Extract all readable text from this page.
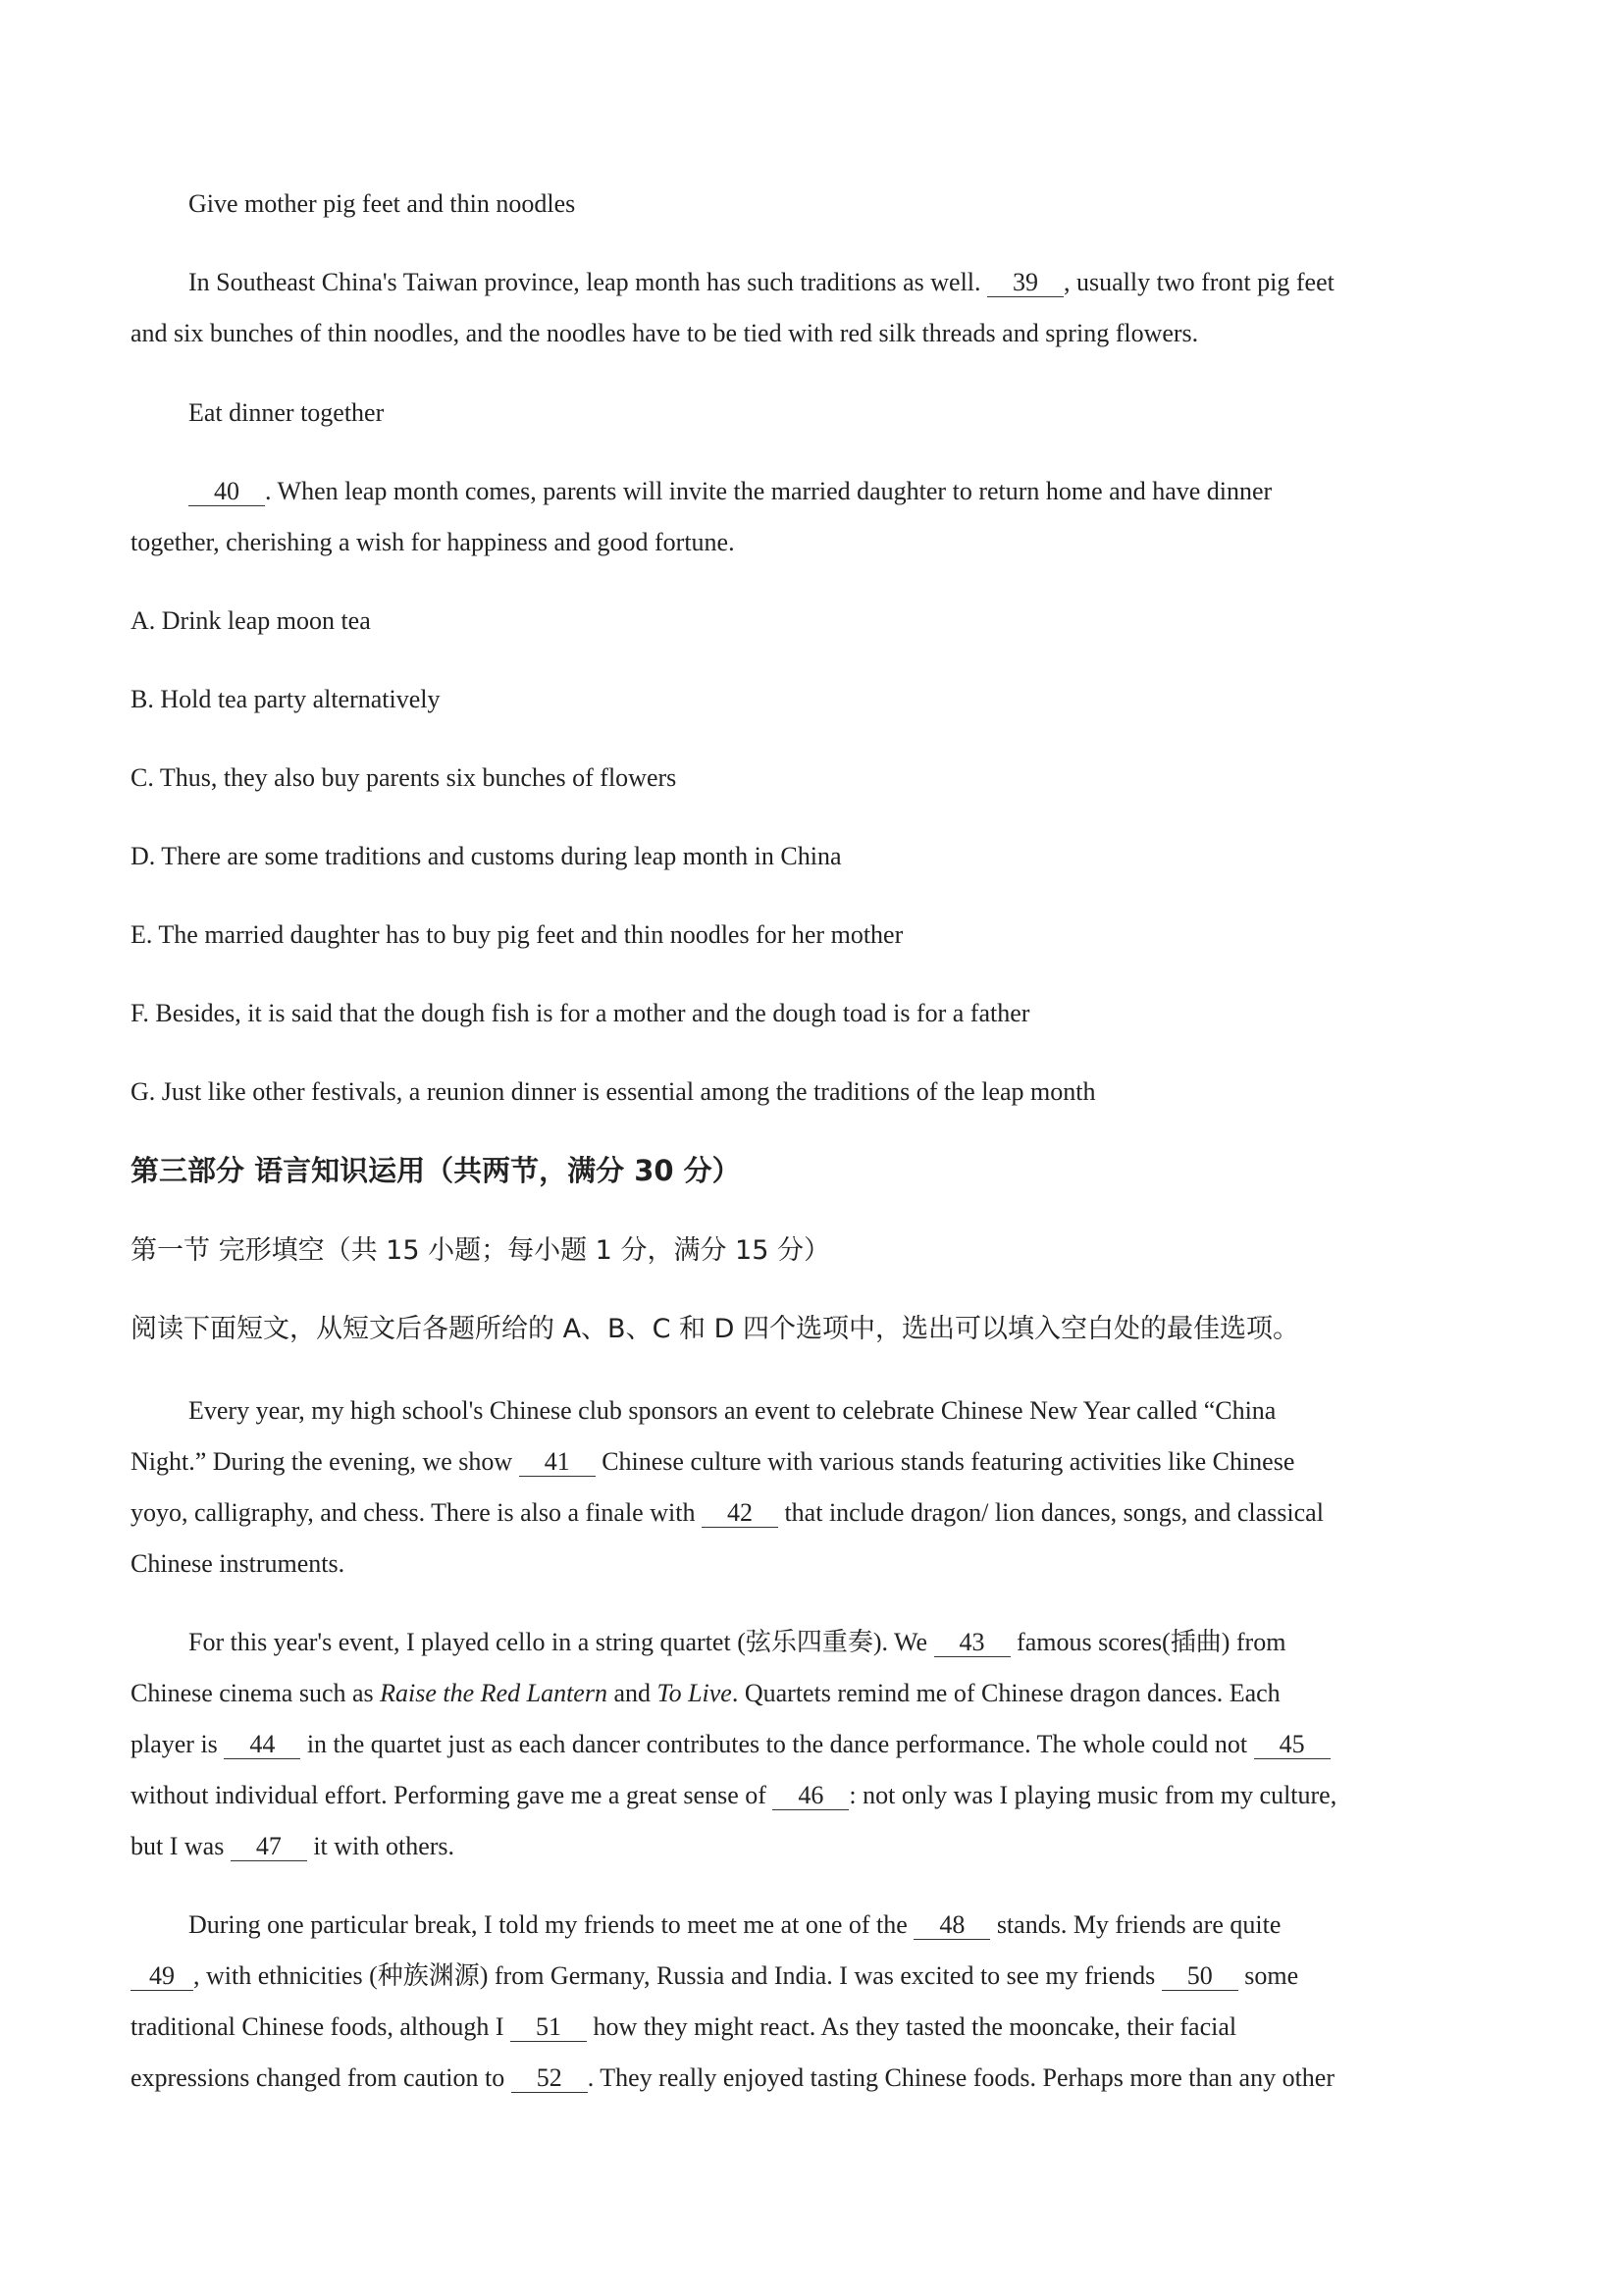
Give mother pig feet and thin noodles
In Southeast China's Taiwan province, leap month has such traditions as well. 39 , usually two front pig feet
and six bunches of thin noodles, and the noodles have to be tied with red silk threads and spring flowers.
Eat dinner together
40 . When leap month comes, parents will invite the married daughter to return home and have dinner
together, cherishing a wish for happiness and good fortune.
A. Drink leap moon tea
B. Hold tea party alternatively
C. Thus, they also buy parents six bunches of flowers
D. There are some traditions and customs during leap month in China
E. The married daughter has to buy pig feet and thin noodles for her mother
F. Besides, it is said that the dough fish is for a mother and the dough toad is for a father
G. Just like other festivals, a reunion dinner is essential among the traditions of the leap month
第三部分 语言知识运用（共两节，满分 30 分）
第一节 完形填空（共 15 小题；每小题 1 分，满分 15 分）
阅读下面短文，从短文后各题所给的 A、B、C 和 D 四个选项中，选出可以填入空白处的最佳选项。
Every year, my high school's Chinese club sponsors an event to celebrate Chinese New Year called “China
Night.” During the evening, we show 41 Chinese culture with various stands featuring activities like Chinese
yoyo, calligraphy, and chess. There is also a finale with 42 that include dragon/ lion dances, songs, and classical
Chinese instruments.
For this year's event, I played cello in a string quartet (弦乐四重奏). We 43 famous scores(插曲) from
Chinese cinema such as Raise the Red Lantern and To Live. Quartets remind me of Chinese dragon dances. Each
player is 44 in the quartet just as each dancer contributes to the dance performance. The whole could not 45
without individual effort. Performing gave me a great sense of 46 : not only was I playing music from my culture,
but I was 47 it with others.
During one particular break, I told my friends to meet me at one of the 48 stands. My friends are quite
49 , with ethnicities (种族渊源) from Germany, Russia and India. I was excited to see my friends 50 some
traditional Chinese foods, although I 51 how they might react. As they tasted the mooncake, their facial
expressions changed from caution to 52 . They really enjoyed tasting Chinese foods. Perhaps more than any other
